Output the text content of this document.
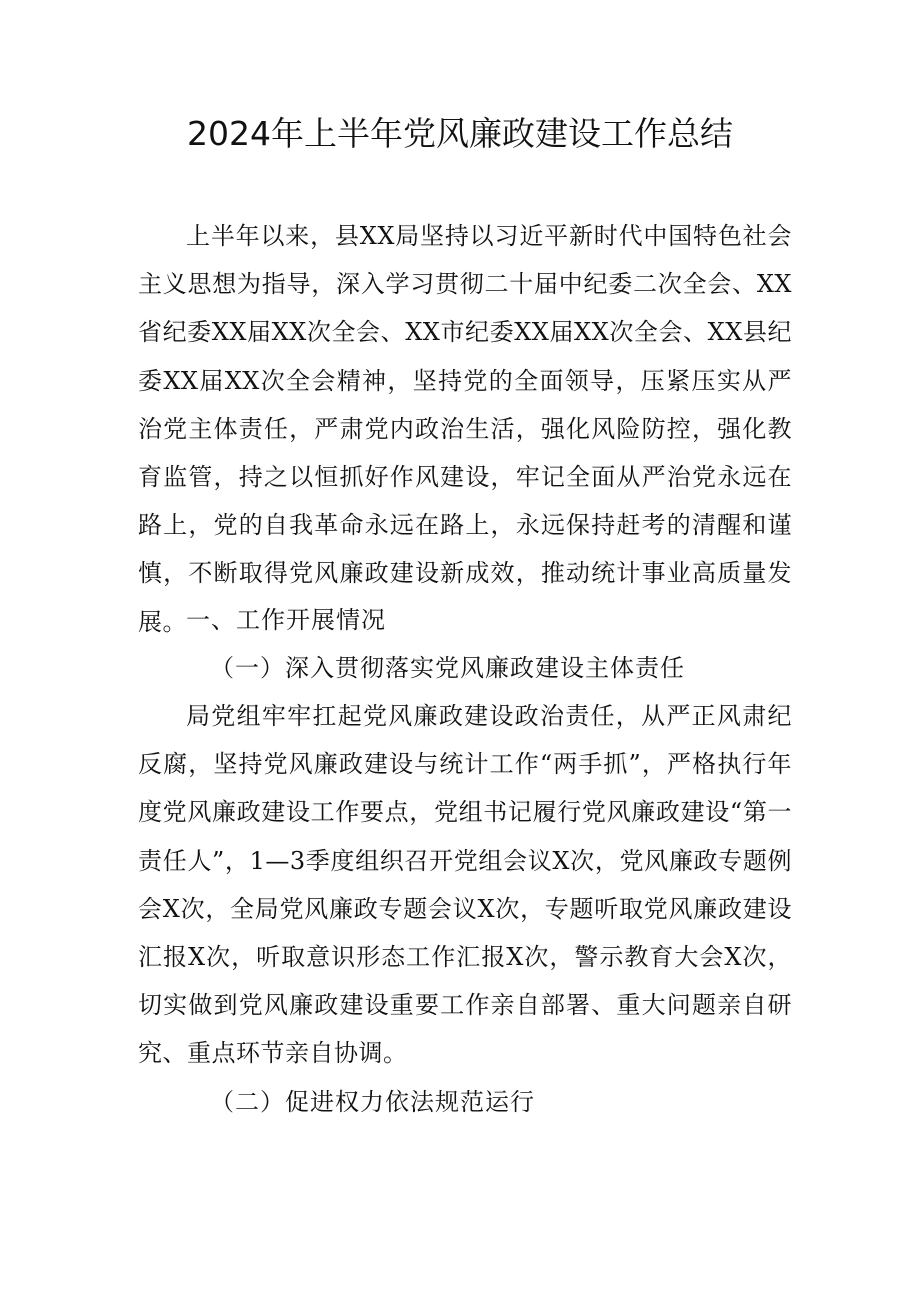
2024年上半年党风廉政建设工作总结

上半年以来，县XX局坚持以习近平新时代中国特色社会主义思想为指导，深入学习贯彻二十届中纪委二次全会、XX省纪委XX届XX次全会、XX市纪委XX届XX次全会、XX县纪委XX届XX次全会精神，坚持党的全面领导，压紧压实从严治党主体责任，严肃党内政治生活，强化风险防控，强化教育监管，持之以恒抓好作风建设，牢记全面从严治党永远在路上，党的自我革命永远在路上，永远保持赶考的清醒和谨慎，不断取得党风廉政建设新成效，推动统计事业高质量发展。 一、工作开展情况

（一）深入贯彻落实党风廉政建设主体责任

局党组牢牢扛起党风廉政建设政治责任，从严正风肃纪反腐，坚持党风廉政建设与统计工作“两手抓”，严格执行年度党风廉政建设工作要点，党组书记履行党风廉政建设“第一责任人”，1—3季度组织召开党组会议X次，党风廉政专题例会X次，全局党风廉政专题会议X次，专题听取党风廉政建设汇报X次，听取意识形态工作汇报X次，警示教育大会X次，切实做到党风廉政建设重要工作亲自部署、重大问题亲自研究、重点环节亲自协调。

（二）促进权力依法规范运行
